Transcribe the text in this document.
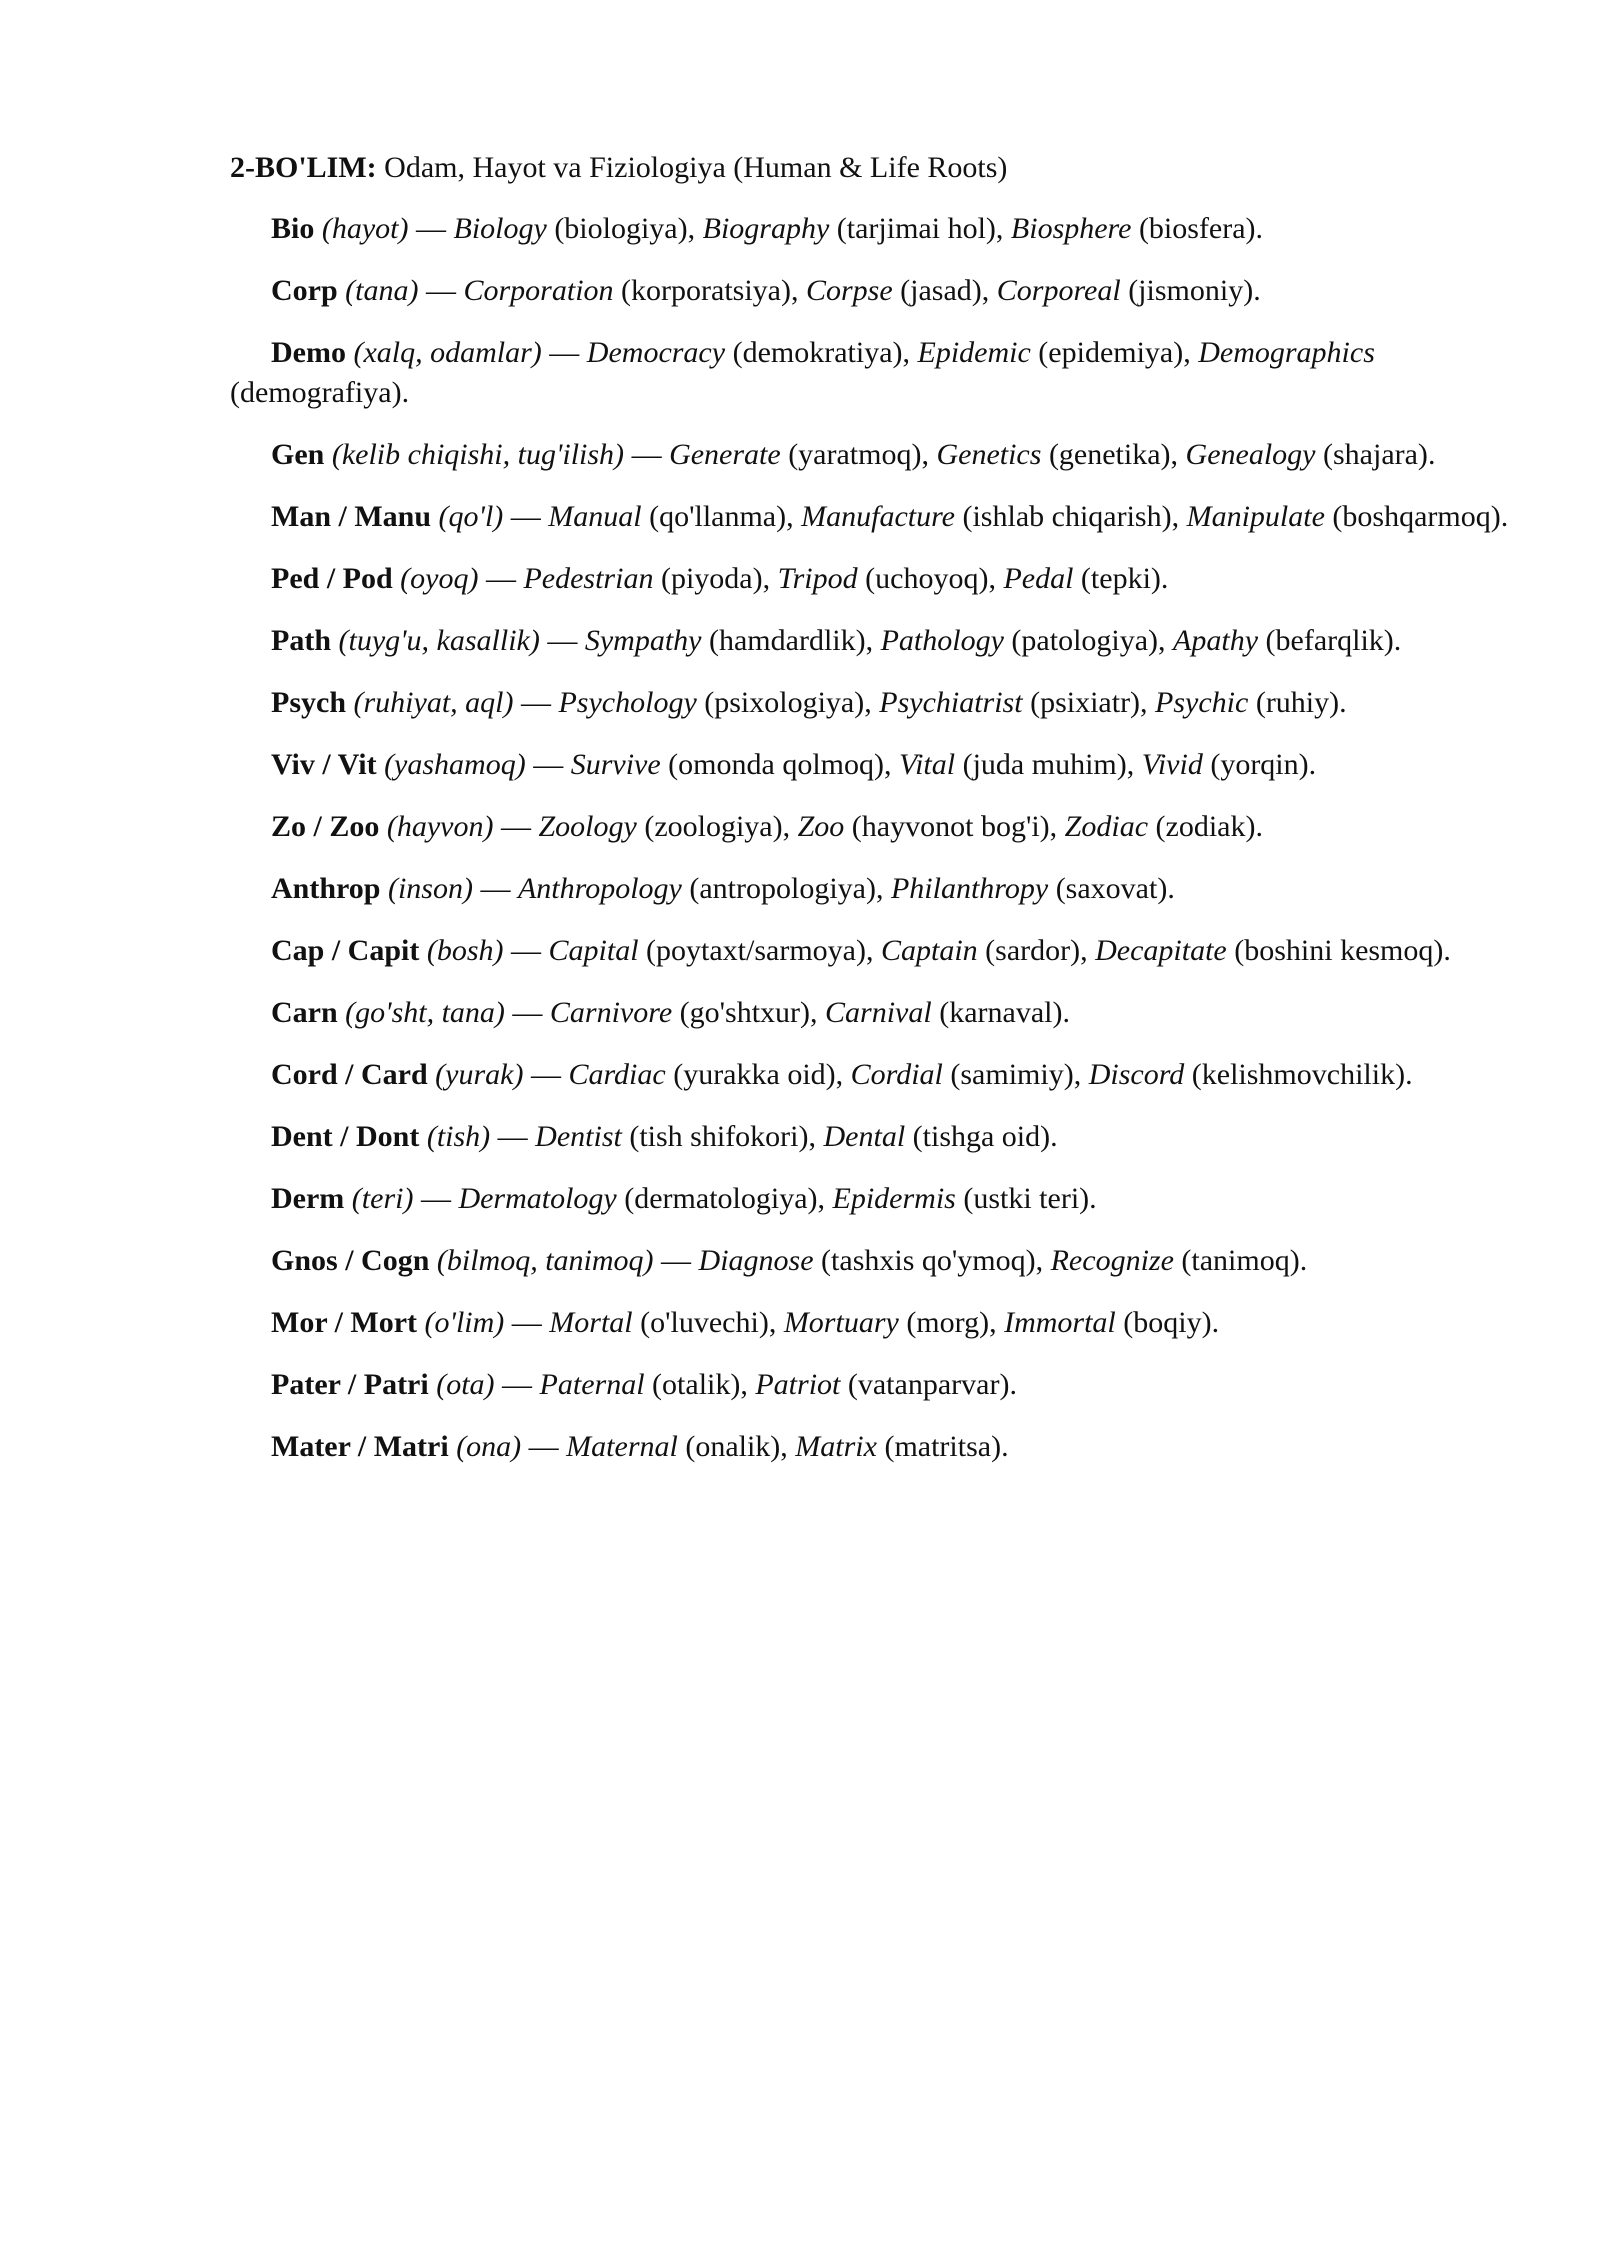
2-BO'LIM: Odam, Hayot va Fiziologiya (Human & Life Roots)

Bio (hayot) — Biology (biologiya), Biography (tarjimai hol), Biosphere (biosfera).

Corp (tana) — Corporation (korporatsiya), Corpse (jasad), Corporeal (jismoniy).

Demo (xalq, odamlar) — Democracy (demokratiya), Epidemic (epidemiya), Demographics (demografiya).

Gen (kelib chiqishi, tug'ilish) — Generate (yaratmoq), Genetics (genetika), Genealogy (shajara).

Man / Manu (qo'l) — Manual (qo'llanma), Manufacture (ishlab chiqarish), Manipulate (boshqarmoq).

Ped / Pod (oyoq) — Pedestrian (piyoda), Tripod (uchoyoq), Pedal (tepki).

Path (tuyg'u, kasallik) — Sympathy (hamdardlik), Pathology (patologiya), Apathy (befarqlik).

Psych (ruhiyat, aql) — Psychology (psixologiya), Psychiatrist (psixiatr), Psychic (ruhiy).

Viv / Vit (yashamoq) — Survive (omonda qolmoq), Vital (juda muhim), Vivid (yorqin).

Zo / Zoo (hayvon) — Zoology (zoologiya), Zoo (hayvonot bog'i), Zodiac (zodiak).

Anthrop (inson) — Anthropology (antropologiya), Philanthropy (saxovat).

Cap / Capit (bosh) — Capital (poytaxt/sarmoya), Captain (sardor), Decapitate (boshini kesmoq).

Carn (go'sht, tana) — Carnivore (go'shtxur), Carnival (karnaval).

Cord / Card (yurak) — Cardiac (yurakka oid), Cordial (samimiy), Discord (kelishmovchilik).

Dent / Dont (tish) — Dentist (tish shifokori), Dental (tishga oid).

Derm (teri) — Dermatology (dermatologiya), Epidermis (ustki teri).

Gnos / Cogn (bilmoq, tanimoq) — Diagnose (tashxis qo'ymoq), Recognize (tanimoq).

Mor / Mort (o'lim) — Mortal (o'luvechi), Mortuary (morg), Immortal (boqiy).

Pater / Patri (ota) — Paternal (otalik), Patriot (vatanparvar).

Mater / Matri (ona) — Maternal (onalik), Matrix (matritsa).
